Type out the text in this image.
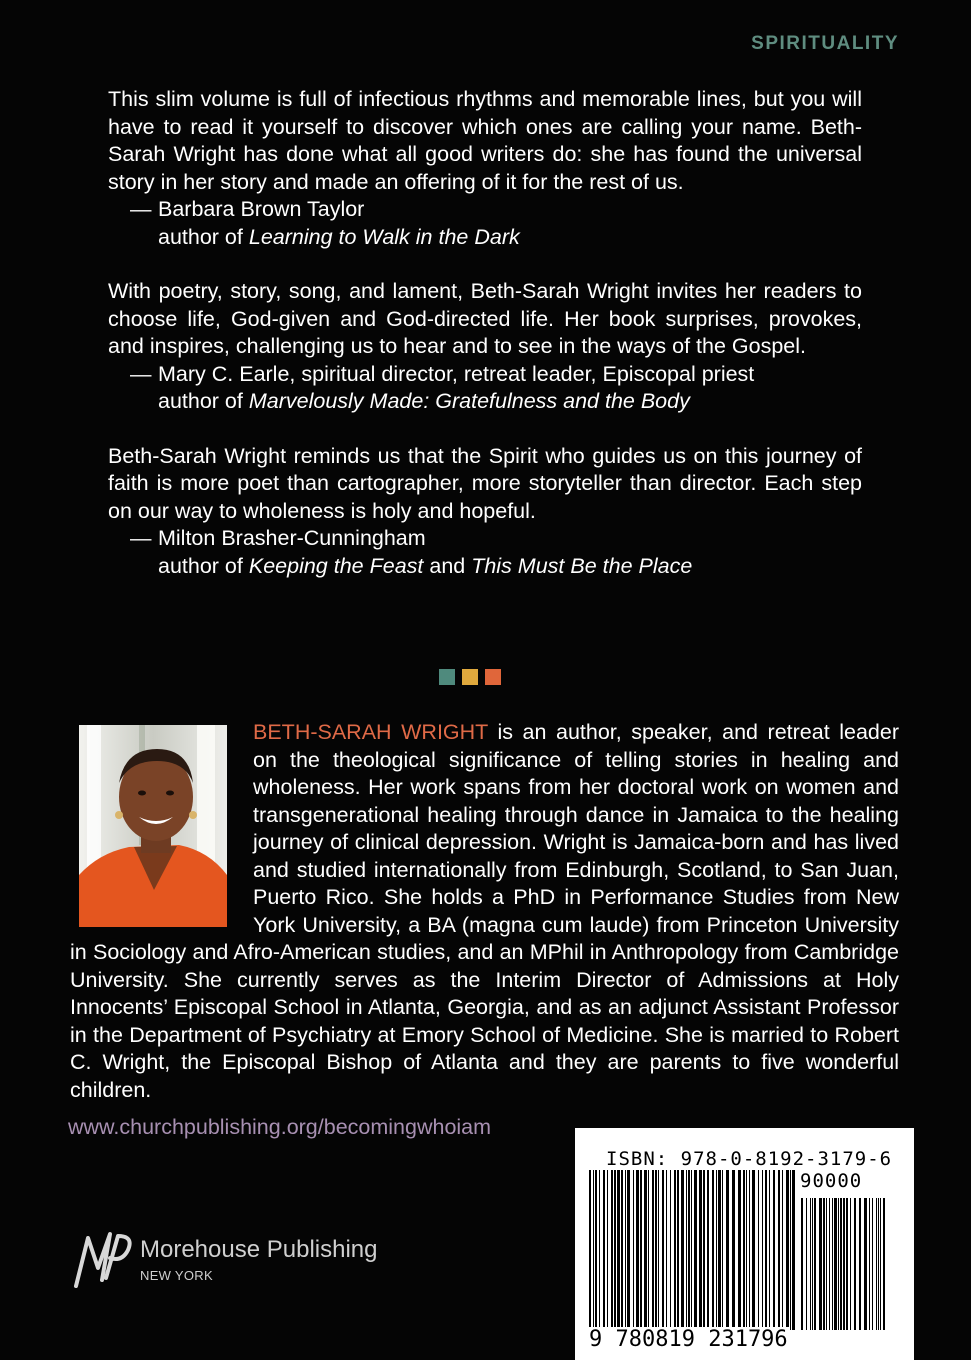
SPIRITUALITY

This slim volume is full of infectious rhythms and memorable lines, but you will have to read it yourself to discover which ones are calling your name. Beth-Sarah Wright has done what all good writers do: she has found the universal story in her story and made an offering of it for the rest of us.

— Barbara Brown Taylor
author of Learning to Walk in the Dark

With poetry, story, song, and lament, Beth-Sarah Wright invites her readers to choose life, God-given and God-directed life. Her book surprises, provokes, and inspires, challenging us to hear and to see in the ways of the Gospel.

— Mary C. Earle, spiritual director, retreat leader, Episcopal priest
author of Marvelously Made: Gratefulness and the Body

Beth-Sarah Wright reminds us that the Spirit who guides us on this journey of faith is more poet than cartographer, more storyteller than director. Each step on our way to wholeness is holy and hopeful.

— Milton Brasher-Cunningham
author of Keeping the Feast and This Must Be the Place

BETH-SARAH WRIGHT is an author, speaker, and retreat leader on the theological significance of telling stories in healing and wholeness. Her work spans from her doctoral work on women and transgenerational healing through dance in Jamaica to the healing journey of clinical depression. Wright is Jamaica-born and has lived and studied internationally from Edinburgh, Scotland, to San Juan, Puerto Rico. She holds a PhD in Performance Studies from New York University, a BA (magna cum laude) from Princeton University in Sociology and Afro-American studies, and an MPhil in Anthropology from Cambridge University. She currently serves as the Interim Director of Admissions at Holy Innocents’ Episcopal School in Atlanta, Georgia, and as an adjunct Assistant Professor in the Department of Psychiatry at Emory School of Medicine. She is married to Robert C. Wright, the Episcopal Bishop of Atlanta and they are parents to five wonderful children.

www.churchpublishing.org/becomingwhoiam
Morehouse Publishing
NEW YORK
ISBN: 978-0-8192-3179-6
90000
9 780819 231796
